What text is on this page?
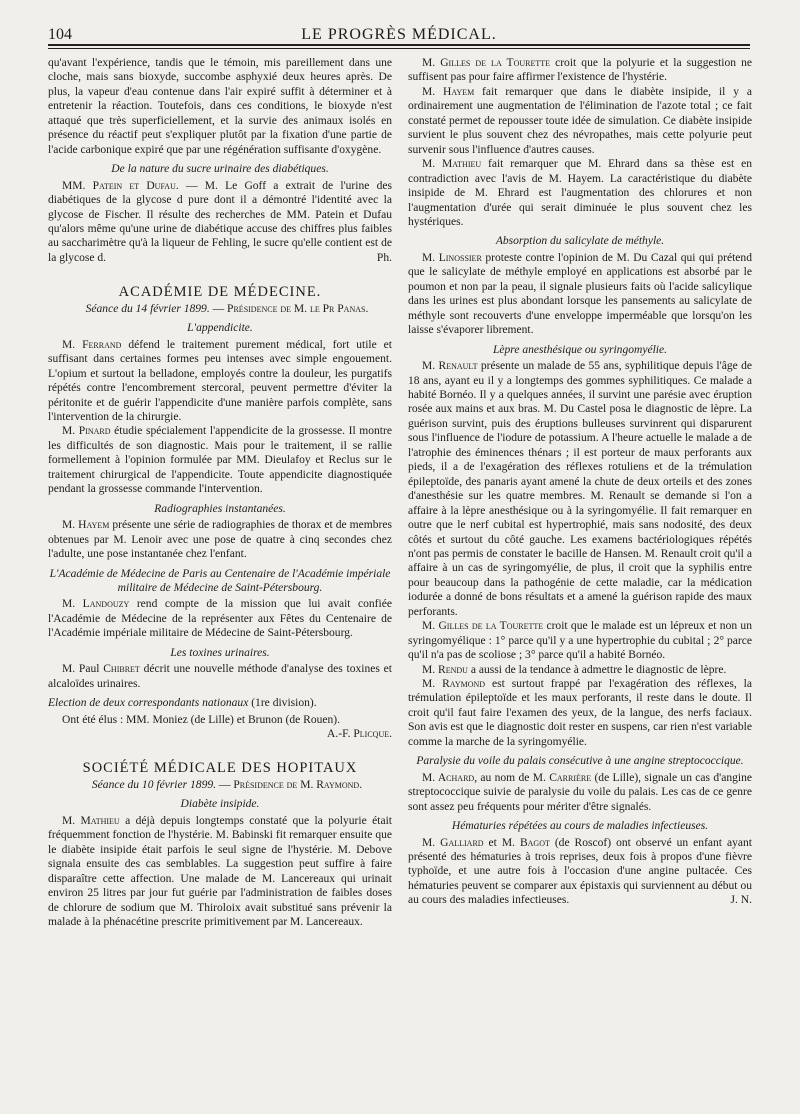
104	LE PROGRÈS MÉDICAL.

qu'avant l'expérience, tandis que le témoin, mis pareillement dans une cloche, mais sans bioxyde, succombe asphyxié deux heures après. De plus, la vapeur d'eau contenue dans l'air expiré suffit à déterminer et à entretenir la réaction. Toutefois, dans ces conditions, le bioxyde n'est attaqué que très superficiellement, et la survie des animaux isolés en présence du réactif peut s'expliquer plutôt par la fixation d'une partie de l'acide carbonique expiré que par une régénération suffisante d'oxygène.

De la nature du sucre urinaire des diabétiques.

MM. Patein et Dufau. — M. Le Goff a extrait de l'urine des diabétiques de la glycose d pure dont il a démontré l'identité avec la glycose de Fischer. Il résulte des recherches de MM. Patein et Dufau qu'alors même qu'une urine de diabétique accuse des chiffres plus faibles au saccharimètre qu'à la liqueur de Fehling, le sucre qu'elle contient est de la glycose d.	Ph.

ACADÉMIE DE MÉDECINE.

Séance du 14 février 1899. — Présidence de M. le Pr Panas.

L'appendicite.

M. Ferrand défend le traitement purement médical, fort utile et suffisant dans certaines formes peu intenses avec simple engouement. L'opium et surtout la belladone, employés contre la douleur, les purgatifs répétés contre l'encombrement stercoral, peuvent permettre d'éviter la péritonite et de guérir l'appendicite d'une manière parfois complète, sans l'intervention de la chirurgie.

M. Pinard étudie spécialement l'appendicite de la grossesse. Il montre les difficultés de son diagnostic. Mais pour le traitement, il se rallie formellement à l'opinion formulée par MM. Dieulafoy et Reclus sur le traitement chirurgical de l'appendicite. Toute appendicite diagnostiquée pendant la grossesse commande l'intervention.

Radiographies instantanées.

M. Hayem présente une série de radiographies de thorax et de membres obtenues par M. Lenoir avec une pose de quatre à cinq secondes chez l'adulte, une pose instantanée chez l'enfant.

L'Académie de Médecine de Paris au Centenaire de l'Académie impériale militaire de Médecine de Saint-Pétersbourg.

M. Landouzy rend compte de la mission que lui avait confiée l'Académie de Médecine de la représenter aux Fêtes du Centenaire de l'Académie impériale militaire de Médecine de Saint-Pétersbourg.

Les toxines urinaires.

M. Paul Chibret décrit une nouvelle méthode d'analyse des toxines et alcaloïdes urinaires.

Election de deux correspondants nationaux (1re division).

Ont été élus : MM. Moniez (de Lille) et Brunon (de Rouen).
A.-F. Plicque.

SOCIÉTÉ MÉDICALE DES HOPITAUX

Séance du 10 février 1899. — Présidence de M. Raymond.

Diabète insipide.

M. Mathieu a déjà depuis longtemps constaté que la polyurie était fréquemment fonction de l'hystérie. M. Babinski fit remarquer ensuite que le diabète insipide était parfois le seul signe de l'hystérie. M. Debove signala ensuite des cas semblables. La suggestion peut suffire à faire disparaître cette affection. Une malade de M. Lancereaux qui urinait environ 25 litres par jour fut guérie par l'administration de faibles doses de chlorure de sodium que M. Thiroloix avait substitué sans prévenir la malade à la phénacétine prescrite primitivement par M. Lancereaux.

M. Gilles de la Tourette croit que la polyurie et la suggestion ne suffisent pas pour faire affirmer l'existence de l'hystérie.

M. Hayem fait remarquer que dans le diabète insipide, il y a ordinairement une augmentation de l'élimination de l'azote total ; ce fait constaté permet de repousser toute idée de simulation. Ce diabète insipide survient le plus souvent chez des névropathes, mais cette polyurie peut survenir sous l'influence d'autres causes.

M. Mathieu fait remarquer que M. Ehrard dans sa thèse est en contradiction avec l'avis de M. Hayem. La caractéristique du diabète insipide de M. Ehrard est l'augmentation des chlorures et non l'augmentation d'urée qui serait diminuée le plus souvent chez les hystériques.

Absorption du salicylate de méthyle.

M. Linossier proteste contre l'opinion de M. Du Cazal qui qui prétend que le salicylate de méthyle employé en applications est absorbé par le poumon et non par la peau, il signale plusieurs faits où l'acide salicylique dans les urines est plus abondant lorsque les pansements au salicylate de méthyle sont recouverts d'une enveloppe imperméable que lorsqu'on les laisse s'évaporer librement.

Lèpre anesthésique ou syringomyélie.

M. Renault présente un malade de 55 ans, syphilitique depuis l'âge de 18 ans, ayant eu il y a longtemps des gommes syphilitiques. Ce malade a habité Bornéo. Il y a quelques années, il survint une parésie avec éruption rosée aux mains et aux bras. M. Du Castel posa le diagnostic de lèpre. La guérison survint, puis des éruptions bulleuses survinrent qui disparurent sous l'influence de l'iodure de potassium. A l'heure actuelle le malade a de l'atrophie des éminences thénars ; il est porteur de maux perforants aux pieds, il a de l'exagération des réflexes rotuliens et de la trémulation épileptoïde, des panaris ayant amené la chute de deux orteils et des zones d'anesthésie sur les quatre membres. M. Renault se demande si l'on a affaire à la lèpre anesthésique ou à la syringomyélie. Il fait remarquer en outre que le nerf cubital est hypertrophié, mais sans nodosité, des deux côtés et surtout du côté gauche. Les examens bactériologiques répétés n'ont pas permis de constater le bacille de Hansen. M. Renault croit qu'il a affaire à un cas de syringomyélie, de plus, il croit que la syphilis entre pour beaucoup dans la pathogénie de cette maladie, car la médication iodurée a donné de bons résultats et a amené la guérison rapide des maux perforants.

M. Gilles de la Tourette croit que le malade est un lépreux et non un syringomyélique : 1° parce qu'il y a une hypertrophie du cubital ; 2° parce qu'il n'a pas de scoliose ; 3° parce qu'il a habité Bornéo.

M. Rendu a aussi de la tendance à admettre le diagnostic de lèpre.

M. Raymond est surtout frappé par l'exagération des réflexes, la trémulation épileptoïde et les maux perforants, il reste dans le doute. Il croit qu'il faut faire l'examen des yeux, de la langue, des nerfs faciaux. Son avis est que le diagnostic doit rester en suspens, car rien n'est variable comme la marche de la syringomyélie.

Paralysie du voile du palais consécutive à une angine streptococcique.

M. Achard, au nom de M. Carrière (de Lille), signale un cas d'angine streptococcique suivie de paralysie du voile du palais. Les cas de ce genre sont assez peu fréquents pour mériter d'être signalés.

Hématuries répétées au cours de maladies infectieuses.

M. Galliard et M. Bagot (de Roscof) ont observé un enfant ayant présenté des hématuries à trois reprises, deux fois à propos d'une fièvre typhoïde, et une autre fois à l'occasion d'une angine pultacée. Ces hématuries peuvent se comparer aux épistaxis qui surviennent au début ou au cours des maladies infectieuses.	J. N.
